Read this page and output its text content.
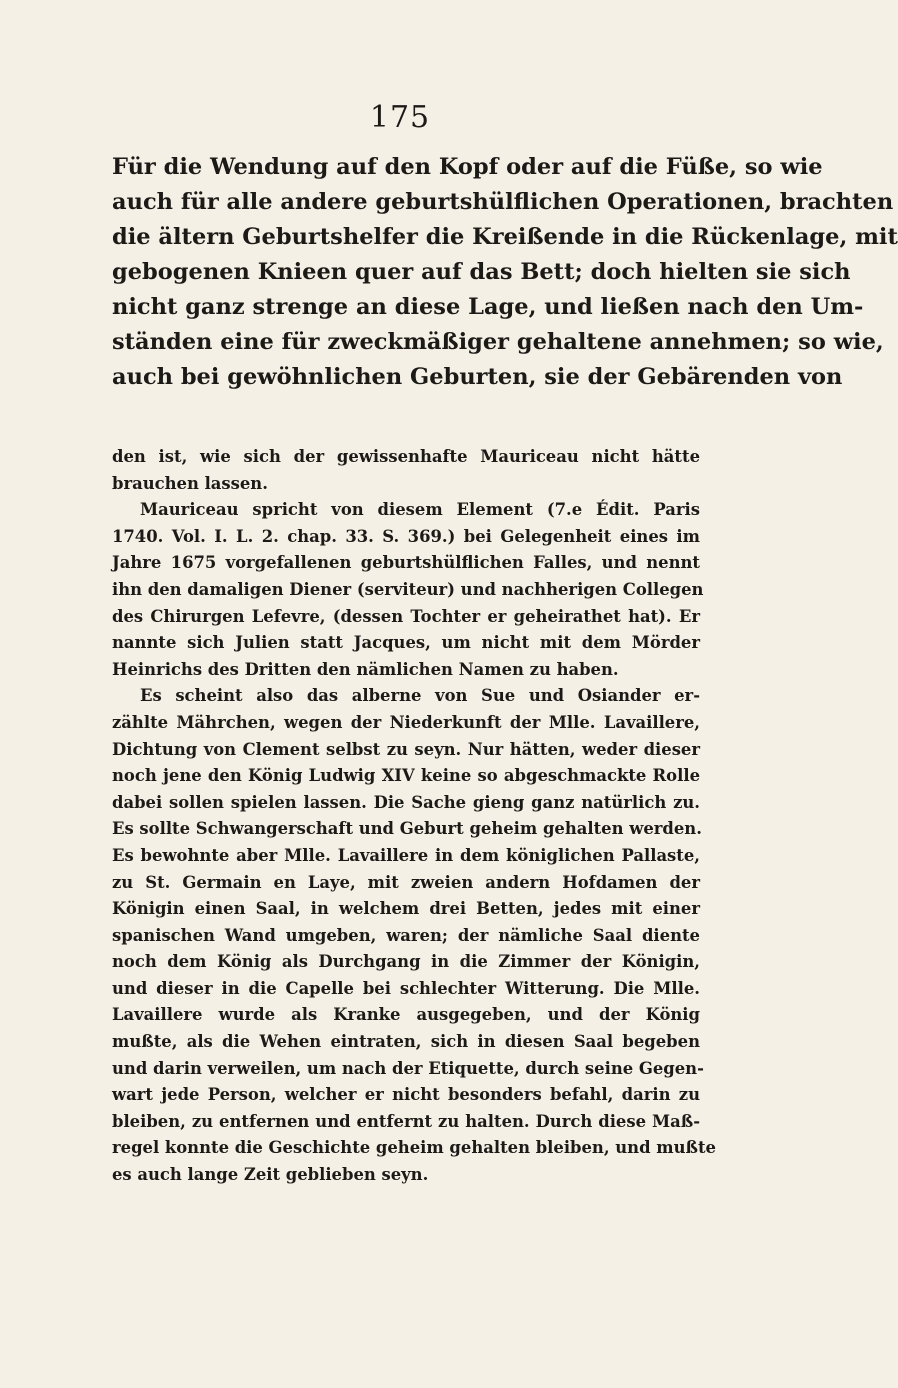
175
Für die Wendung auf den Kopf oder auf die Füße, so wie
auch für alle andere geburtshülflichen Operationen, brachten
die ältern Geburtshelfer die Kreißende in die Rückenlage, mit
gebogenen Knieen quer auf das Bett; doch hielten sie sich
nicht ganz strenge an diese Lage, und ließen nach den Um-
ständen eine für zweckmäßiger gehaltene annehmen; so wie,
auch bei gewöhnlichen Geburten, sie der Gebärenden von
den ist, wie sich der gewissenhafte Mauriceau nicht hätte
brauchen lassen.
Mauriceau spricht von diesem Element (7.e Édit. Paris
1740. Vol. I. L. 2. chap. 33. S. 369.) bei Gelegenheit eines im
Jahre 1675 vorgefallenen geburtshülflichen Falles, und nennt
ihn den damaligen Diener (serviteur) und nachherigen Collegen
des Chirurgen Lefevre, (dessen Tochter er geheirathet hat). Er
nannte sich Julien statt Jacques, um nicht mit dem Mörder
Heinrichs des Dritten den nämlichen Namen zu haben.
Es scheint also das alberne von Sue und Osiander er-
zählte Mährchen, wegen der Niederkunft der Mlle. Lavaillere,
Dichtung von Clement selbst zu seyn. Nur hätten, weder dieser
noch jene den König Ludwig XIV keine so abgeschmackte Rolle
dabei sollen spielen lassen. Die Sache gieng ganz natürlich zu.
Es sollte Schwangerschaft und Geburt geheim gehalten werden.
Es bewohnte aber Mlle. Lavaillere in dem königlichen Pallaste,
zu St. Germain en Laye, mit zweien andern Hofdamen der
Königin einen Saal, in welchem drei Betten, jedes mit einer
spanischen Wand umgeben, waren; der nämliche Saal diente
noch dem König als Durchgang in die Zimmer der Königin,
und dieser in die Capelle bei schlechter Witterung. Die Mlle.
Lavaillere wurde als Kranke ausgegeben, und der König
mußte, als die Wehen eintraten, sich in diesen Saal begeben
und darin verweilen, um nach der Etiquette, durch seine Gegen-
wart jede Person, welcher er nicht besonders befahl, darin zu
bleiben, zu entfernen und entfernt zu halten. Durch diese Maß-
regel konnte die Geschichte geheim gehalten bleiben, und mußte
es auch lange Zeit geblieben seyn.
